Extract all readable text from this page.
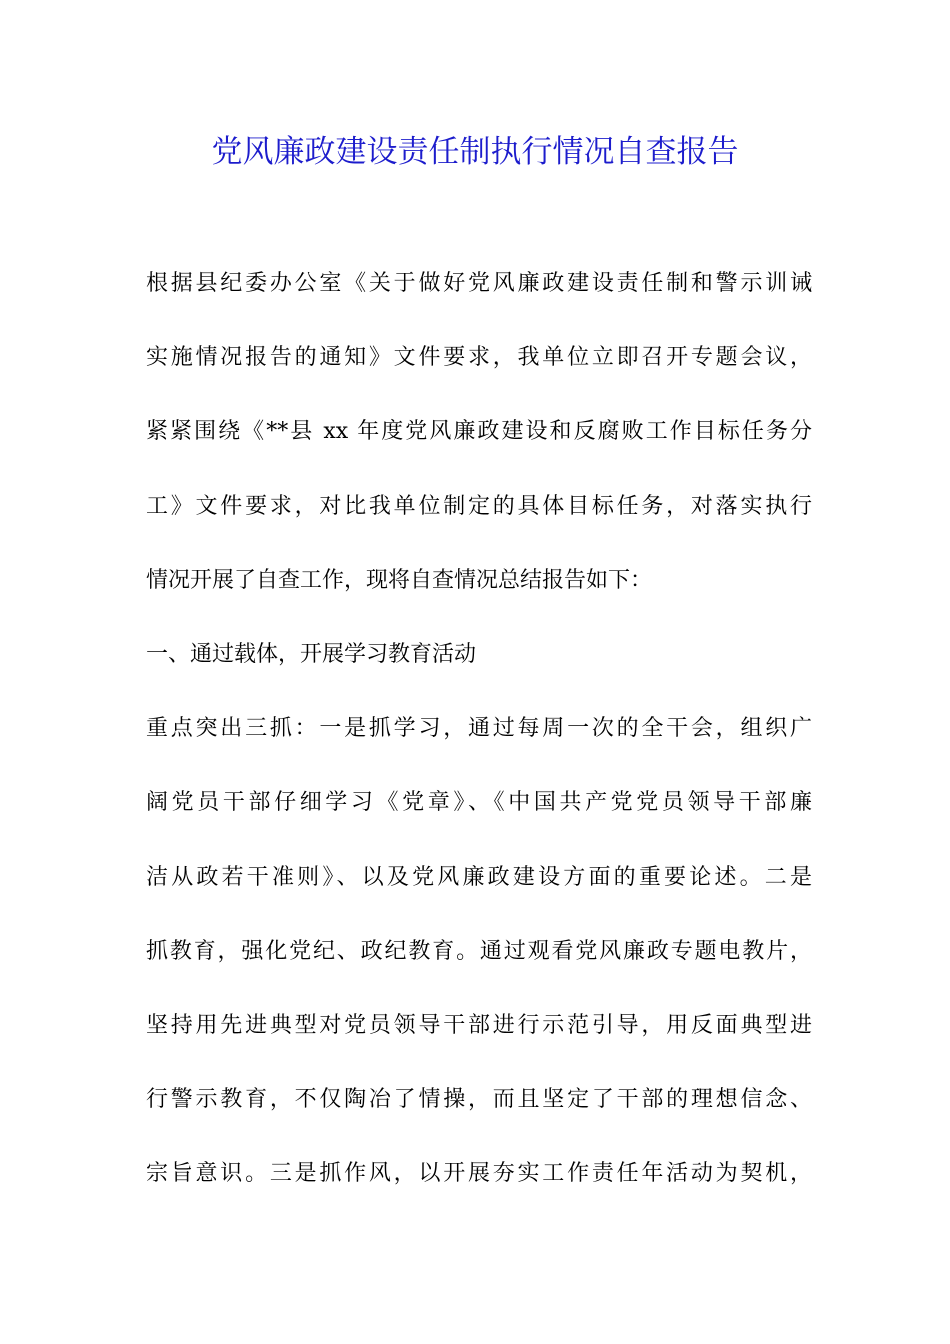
党风廉政建设责任制执行情况自查报告
根据县纪委办公室《关于做好党风廉政建设责任制和警示训诫
实施情况报告的通知》文件要求，我单位立即召开专题会议，
紧紧围绕《**县 xx 年度党风廉政建设和反腐败工作目标任务分
工》文件要求，对比我单位制定的具体目标任务，对落实执行
情况开展了自查工作，现将自查情况总结报告如下：
一、通过载体，开展学习教育活动
重点突出三抓：一是抓学习，通过每周一次的全干会，组织广
阔党员干部仔细学习《党章》、《中国共产党党员领导干部廉
洁从政若干准则》、以及党风廉政建设方面的重要论述。二是
抓教育，强化党纪、政纪教育。通过观看党风廉政专题电教片，
坚持用先进典型对党员领导干部进行示范引导，用反面典型进
行警示教育，不仅陶冶了情操，而且坚定了干部的理想信念、
宗旨意识。三是抓作风，以开展夯实工作责任年活动为契机，
